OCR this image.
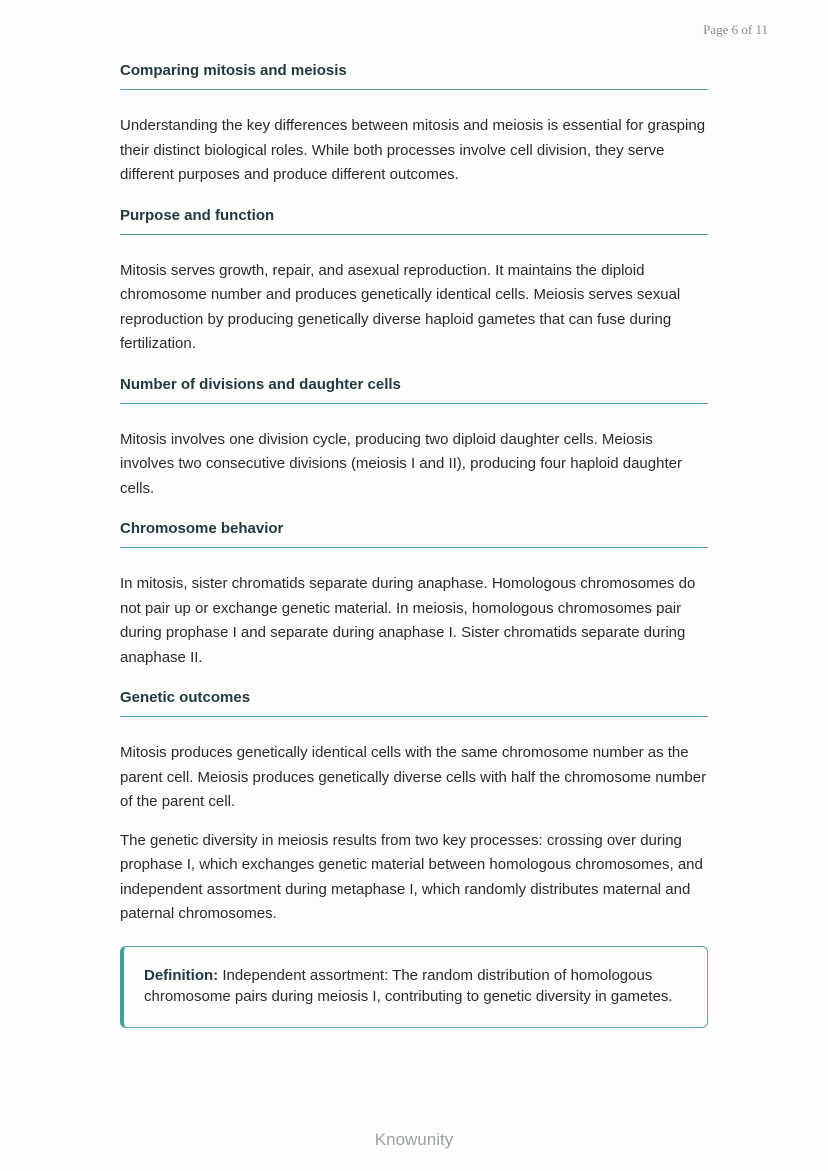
Page 6 of 11
Comparing mitosis and meiosis

Understanding the key differences between mitosis and meiosis is essential for grasping their distinct biological roles. While both processes involve cell division, they serve different purposes and produce different outcomes.

Purpose and function

Mitosis serves growth, repair, and asexual reproduction. It maintains the diploid chromosome number and produces genetically identical cells. Meiosis serves sexual reproduction by producing genetically diverse haploid gametes that can fuse during fertilization.

Number of divisions and daughter cells

Mitosis involves one division cycle, producing two diploid daughter cells. Meiosis involves two consecutive divisions (meiosis I and II), producing four haploid daughter cells.

Chromosome behavior

In mitosis, sister chromatids separate during anaphase. Homologous chromosomes do not pair up or exchange genetic material. In meiosis, homologous chromosomes pair during prophase I and separate during anaphase I. Sister chromatids separate during anaphase II.

Genetic outcomes

Mitosis produces genetically identical cells with the same chromosome number as the parent cell. Meiosis produces genetically diverse cells with half the chromosome number of the parent cell.

The genetic diversity in meiosis results from two key processes: crossing over during prophase I, which exchanges genetic material between homologous chromosomes, and independent assortment during metaphase I, which randomly distributes maternal and paternal chromosomes.

Definition: Independent assortment: The random distribution of homologous chromosome pairs during meiosis I, contributing to genetic diversity in gametes.
Knowunity
